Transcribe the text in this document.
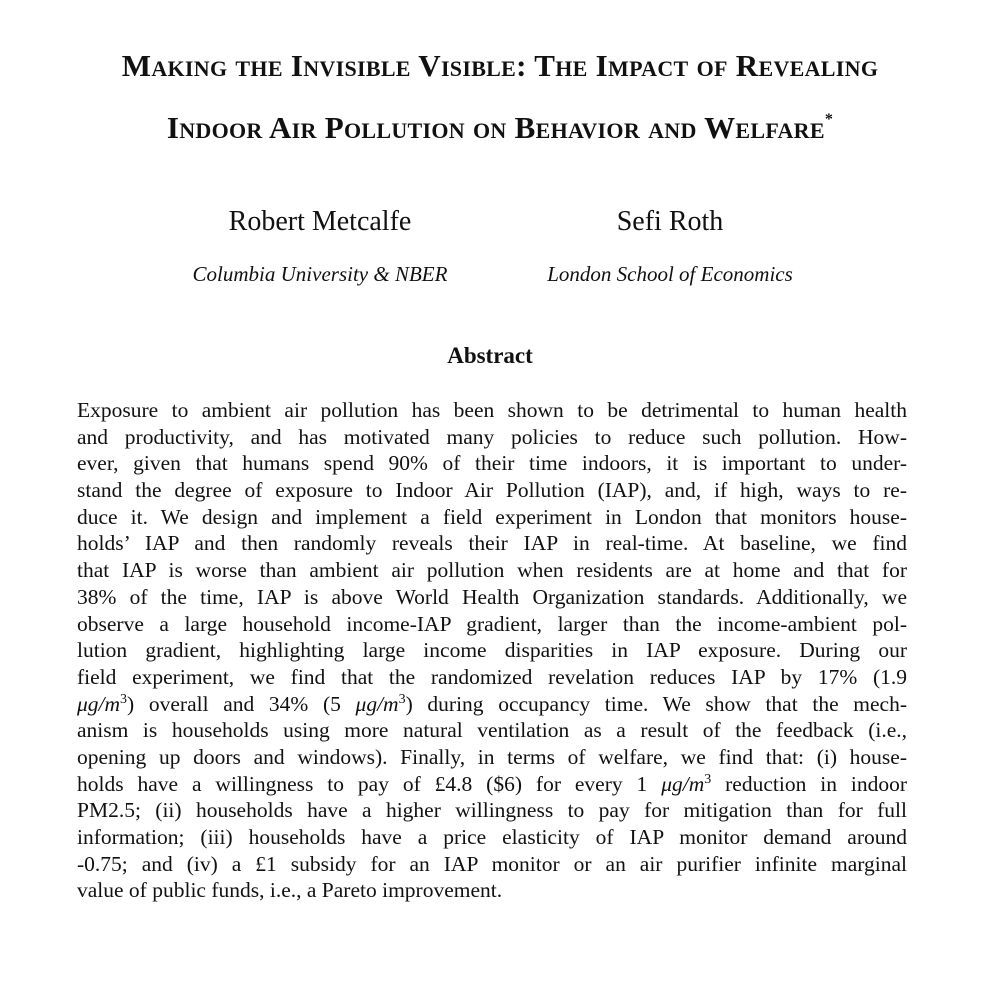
Making the Invisible Visible: The Impact of Revealing
Indoor Air Pollution on Behavior and Welfare*

Robert Metcalfe

Columbia University & NBER

Sefi Roth

London School of Economics

Abstract
Exposure to ambient air pollution has been shown to be detrimental to human health
and productivity, and has motivated many policies to reduce such pollution. How-
ever, given that humans spend 90% of their time indoors, it is important to under-
stand the degree of exposure to Indoor Air Pollution (IAP), and, if high, ways to re-
duce it. We design and implement a field experiment in London that monitors house-
holds’ IAP and then randomly reveals their IAP in real-time. At baseline, we find
that IAP is worse than ambient air pollution when residents are at home and that for
38% of the time, IAP is above World Health Organization standards. Additionally, we
observe a large household income-IAP gradient, larger than the income-ambient pol-
lution gradient, highlighting large income disparities in IAP exposure. During our
field experiment, we find that the randomized revelation reduces IAP by 17% (1.9
$\mu g/m^3$) overall and 34% (5 $\mu g/m^3$) during occupancy time. We show that the mech-
anism is households using more natural ventilation as a result of the feedback (i.e.,
opening up doors and windows). Finally, in terms of welfare, we find that: (i) house-
holds have a willingness to pay of £4.8 ($6) for every 1 $\mu g/m^3$ reduction in indoor
PM2.5; (ii) households have a higher willingness to pay for mitigation than for full
information; (iii) households have a price elasticity of IAP monitor demand around
-0.75; and (iv) a £1 subsidy for an IAP monitor or an air purifier infinite marginal
value of public funds, i.e., a Pareto improvement.
